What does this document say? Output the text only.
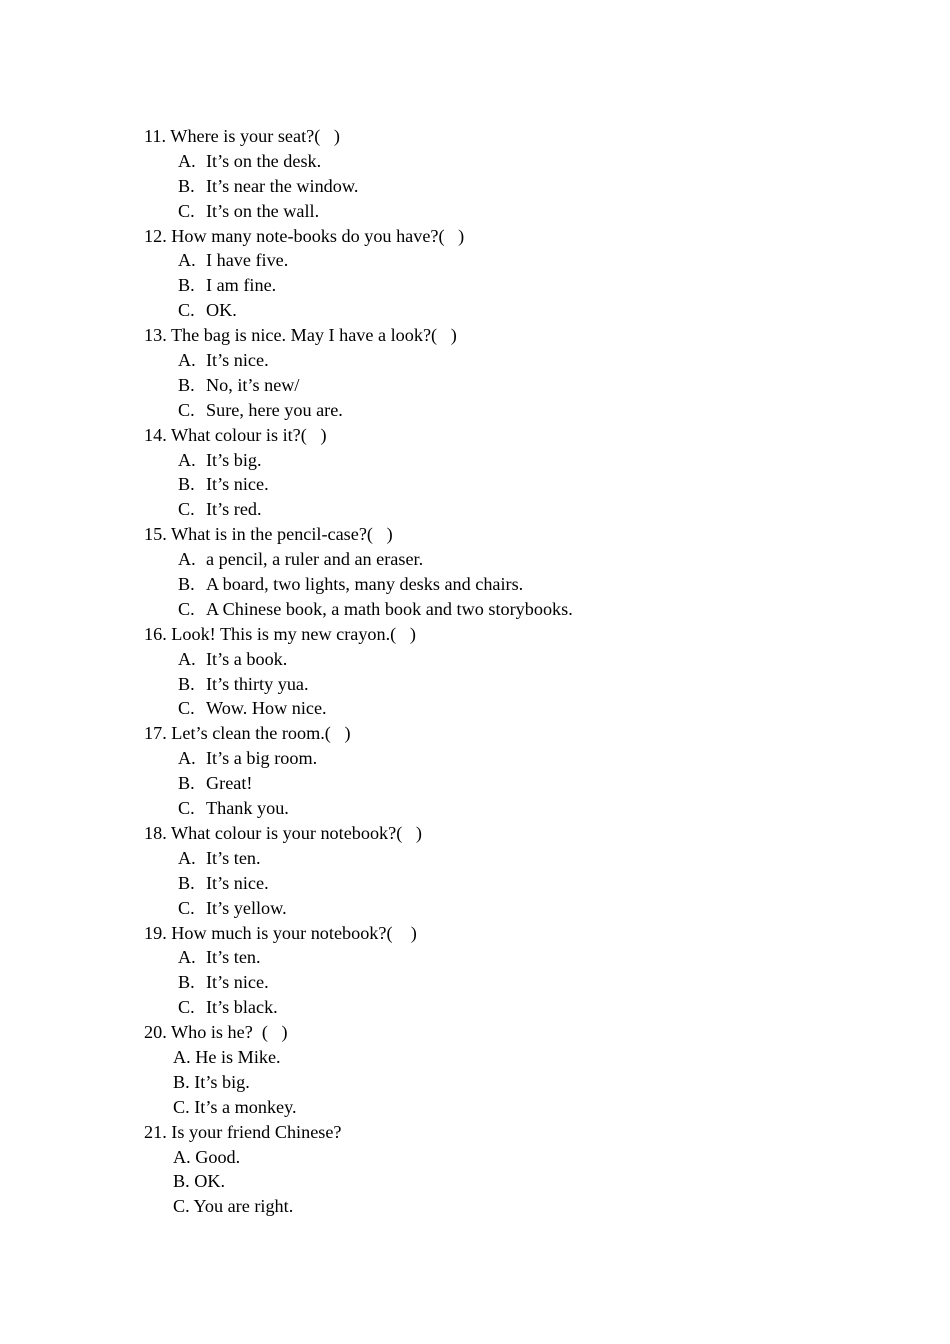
11. Where is your seat?(   )
A. It’s on the desk.
B. It’s near the window.
C. It’s on the wall.
12. How many note-books do you have?(   )
A. I have five.
B. I am fine.
C. OK.
13. The bag is nice. May I have a look?(   )
A. It’s nice.
B. No, it’s new/
C. Sure, here you are.
14. What colour is it?(   )
A. It’s big.
B. It’s nice.
C. It’s red.
15. What is in the pencil-case?(   )
A. a pencil, a ruler and an eraser.
B. A board, two lights, many desks and chairs.
C. A Chinese book, a math book and two storybooks.
16. Look! This is my new crayon.(   )
A. It’s a book.
B. It’s thirty yua.
C. Wow. How nice.
17. Let’s clean the room.(   )
A. It’s a big room.
B. Great!
C. Thank you.
18. What colour is your notebook?(   )
A. It’s ten.
B. It’s nice.
C. It’s yellow.
19. How much is your notebook?(    )
A. It’s ten.
B. It’s nice.
C. It’s black.
20. Who is he?  (   )
A. He is Mike.
B. It’s big.
C. It’s a monkey.
21. Is your friend Chinese?
A. Good.
B. OK.
C. You are right.
